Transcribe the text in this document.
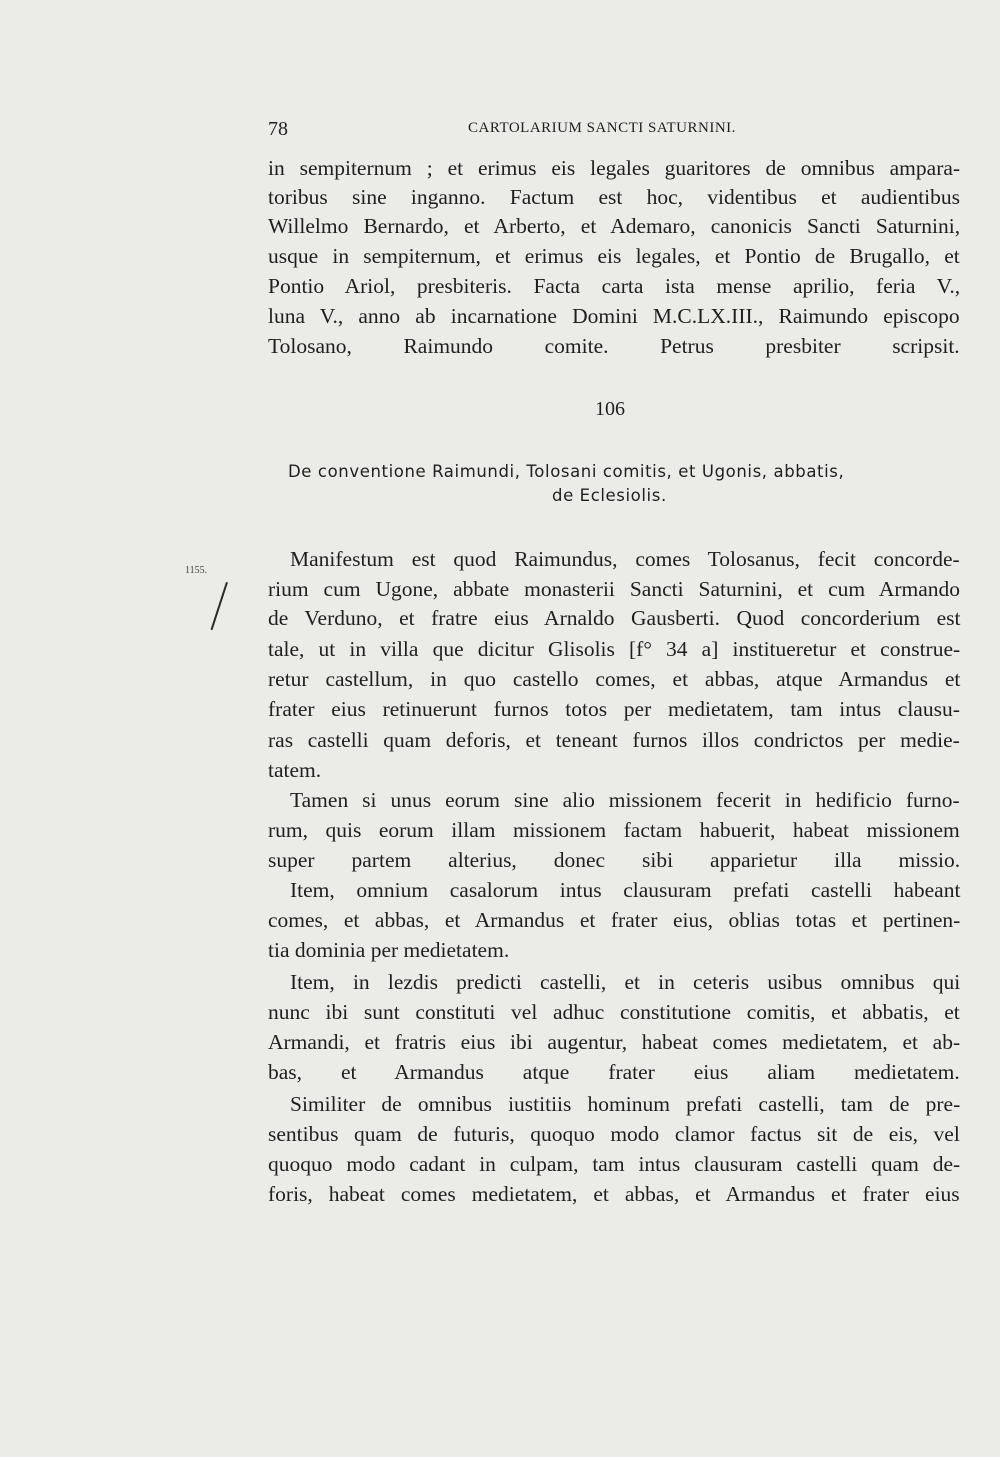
78	CARTOLARIUM SANCTI SATURNINI.
in sempiternum ; et erimus eis legales guaritores de omnibus ampara-
toribus sine inganno. Factum est hoc, videntibus et audientibus
Willelmo Bernardo, et Arberto, et Ademaro, canonicis Sancti Saturnini,
usque in sempiternum, et erimus eis legales, et Pontio de Brugallo, et
Pontio Ariol, presbiteris. Facta carta ista mense aprilio, feria V.,
luna V., anno ab incarnatione Domini M.C.LX.III., Raimundo episcopo
Tolosano, Raimundo comite. Petrus presbiter scripsit.
106
De conventione Raimundi, Tolosani comitis, et Ugonis, abbatis,
de Eclesiolis.
1155.	Manifestum est quod Raimundus, comes Tolosanus, fecit concorde-
rium cum Ugone, abbate monasterii Sancti Saturnini, et cum Armando
de Verduno, et fratre eius Arnaldo Gausberti. Quod concorderium est
tale, ut in villa que dicitur Glisolis [f° 34 a] institueretur et construe-
retur castellum, in quo castello comes, et abbas, atque Armandus et
frater eius retinuerunt furnos totos per medietatem, tam intus clausu-
ras castelli quam deforis, et teneant furnos illos condrictos per medie-
tatem.
Tamen si unus eorum sine alio missionem fecerit in hedificio furno-
rum, quis eorum illam missionem factam habuerit, habeat missionem
super partem alterius, donec sibi apparietur illa missio.
Item, omnium casalorum intus clausuram prefati castelli habeant
comes, et abbas, et Armandus et frater eius, oblias totas et pertinen-
tia dominia per medietatem.
Item, in lezdis predicti castelli, et in ceteris usibus omnibus qui
nunc ibi sunt constituti vel adhuc constitutione comitis, et abbatis, et
Armandi, et fratris eius ibi augentur, habeat comes medietatem, et ab-
bas, et Armandus atque frater eius aliam medietatem.
Similiter de omnibus iustitiis hominum prefati castelli, tam de pre-
sentibus quam de futuris, quoquo modo clamor factus sit de eis, vel
quoquo modo cadant in culpam, tam intus clausuram castelli quam de-
foris, habeat comes medietatem, et abbas, et Armandus et frater eius
